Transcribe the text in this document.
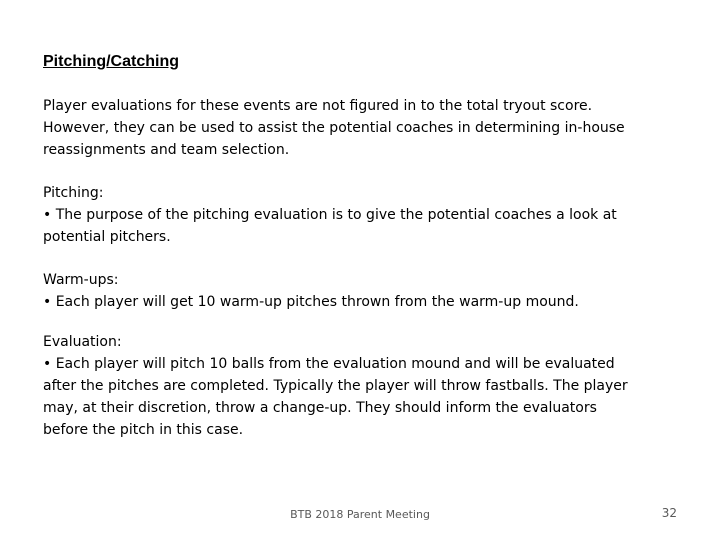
Pitching/Catching

Player evaluations for these events are not figured in to the total tryout score. However, they can be used to assist the potential coaches in determining in-house reassignments and team selection.

Pitching:

• The purpose of the pitching evaluation is to give the potential coaches a look at potential pitchers.

Warm-ups:

• Each player will get 10 warm-up pitches thrown from the warm-up mound.

Evaluation:

• Each player will pitch 10 balls from the evaluation mound and will be evaluated after the pitches are completed. Typically the player will throw fastballs. The player may, at their discretion, throw a change-up. They should inform the evaluators before the pitch in this case.

BTB 2018 Parent Meeting	32
